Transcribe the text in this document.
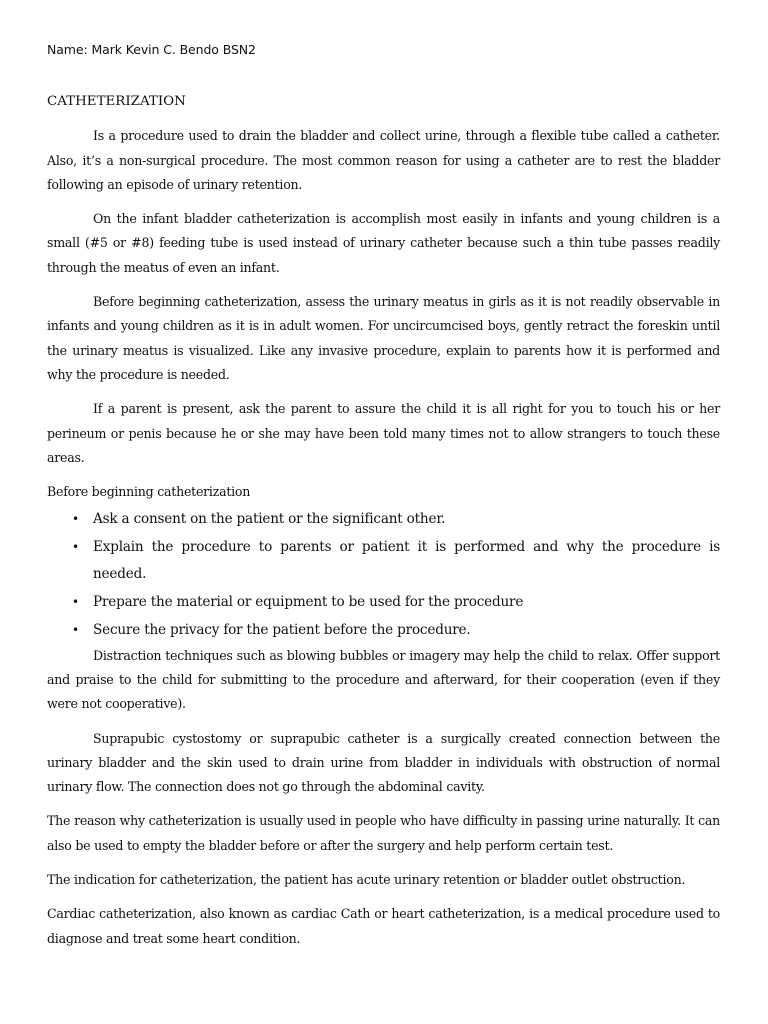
Name: Mark Kevin C. Bendo BSN2

CATHETERIZATION

Is a procedure used to drain the bladder and collect urine, through a flexible tube called a catheter. Also, it’s a non-surgical procedure. The most common reason for using a catheter are to rest the bladder following an episode of urinary retention.

On the infant bladder catheterization is accomplish most easily in infants and young children is a small (#5 or #8) feeding tube is used instead of urinary catheter because such a thin tube passes readily through the meatus of even an infant.

Before beginning catheterization, assess the urinary meatus in girls as it is not readily observable in infants and young children as it is in adult women. For uncircumcised boys, gently retract the foreskin until the urinary meatus is visualized. Like any invasive procedure, explain to parents how it is performed and why the procedure is needed.

If a parent is present, ask the parent to assure the child it is all right for you to touch his or her perineum or penis because he or she may have been told many times not to allow strangers to touch these areas.

Before beginning catheterization

• Ask a consent on the patient or the significant other.
• Explain the procedure to parents or patient it is performed and why the procedure is needed.
• Prepare the material or equipment to be used for the procedure
• Secure the privacy for the patient before the procedure.

Distraction techniques such as blowing bubbles or imagery may help the child to relax. Offer support and praise to the child for submitting to the procedure and afterward, for their cooperation (even if they were not cooperative).

Suprapubic cystostomy or suprapubic catheter is a surgically created connection between the urinary bladder and the skin used to drain urine from bladder in individuals with obstruction of normal urinary flow. The connection does not go through the abdominal cavity.

The reason why catheterization is usually used in people who have difficulty in passing urine naturally. It can also be used to empty the bladder before or after the surgery and help perform certain test.

The indication for catheterization, the patient has acute urinary retention or bladder outlet obstruction.

Cardiac catheterization, also known as cardiac Cath or heart catheterization, is a medical procedure used to diagnose and treat some heart condition.
